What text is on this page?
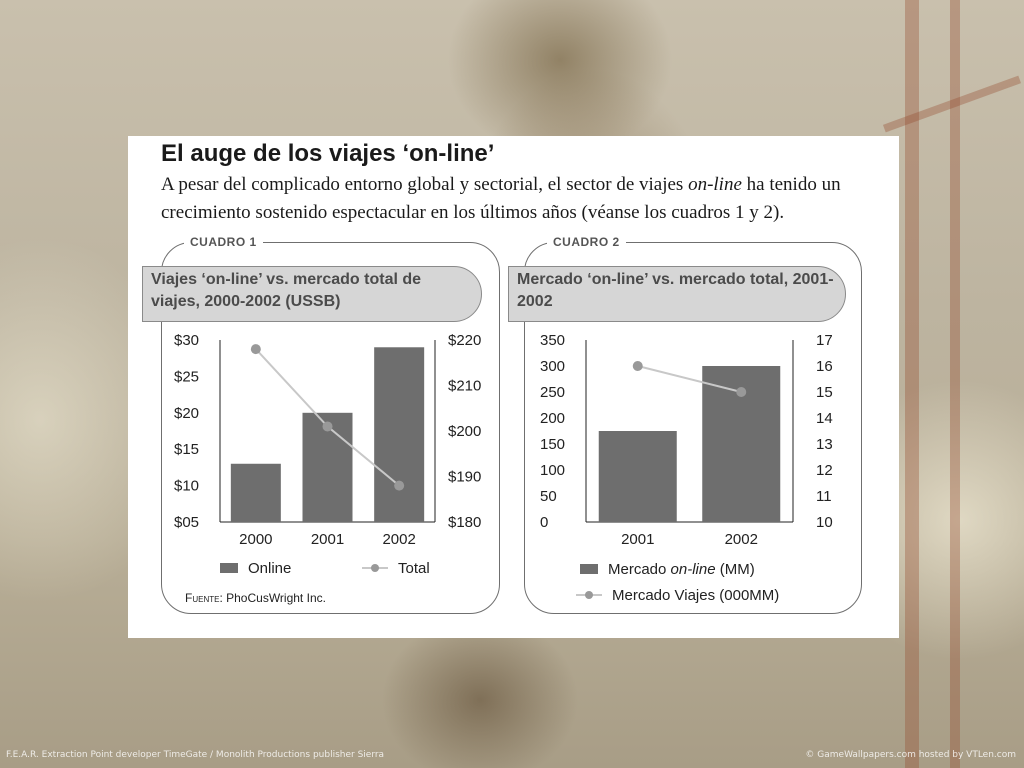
El auge de los viajes ‘on-line’
A pesar del complicado entorno global y sectorial, el sector de viajes on-line ha tenido un crecimiento sostenido espectacular en los últimos años (véanse los cuadros 1 y 2).
CUADRO 1
Viajes ‘on-line’ vs. mercado total de viajes, 2000-2002 (USSB)
$30
$25
$20
$15
$10
$05
$220
$210
$200
$190
$180
2000	2001	2002
Online	Total
Fuente: PhoCusWright Inc.
CUADRO 2
Mercado ‘on-line’ vs. mercado total, 2001-2002
350
300
250
200
150
100
50
0
17
16
15
14
13
12
11
10
2001	2002
Mercado on-line (MM)
Mercado Viajes (000MM)
F.E.A.R. Extraction Point developer TimeGate / Monolith Productions publisher Sierra	© GameWallpapers.com hosted by VTLen.com
